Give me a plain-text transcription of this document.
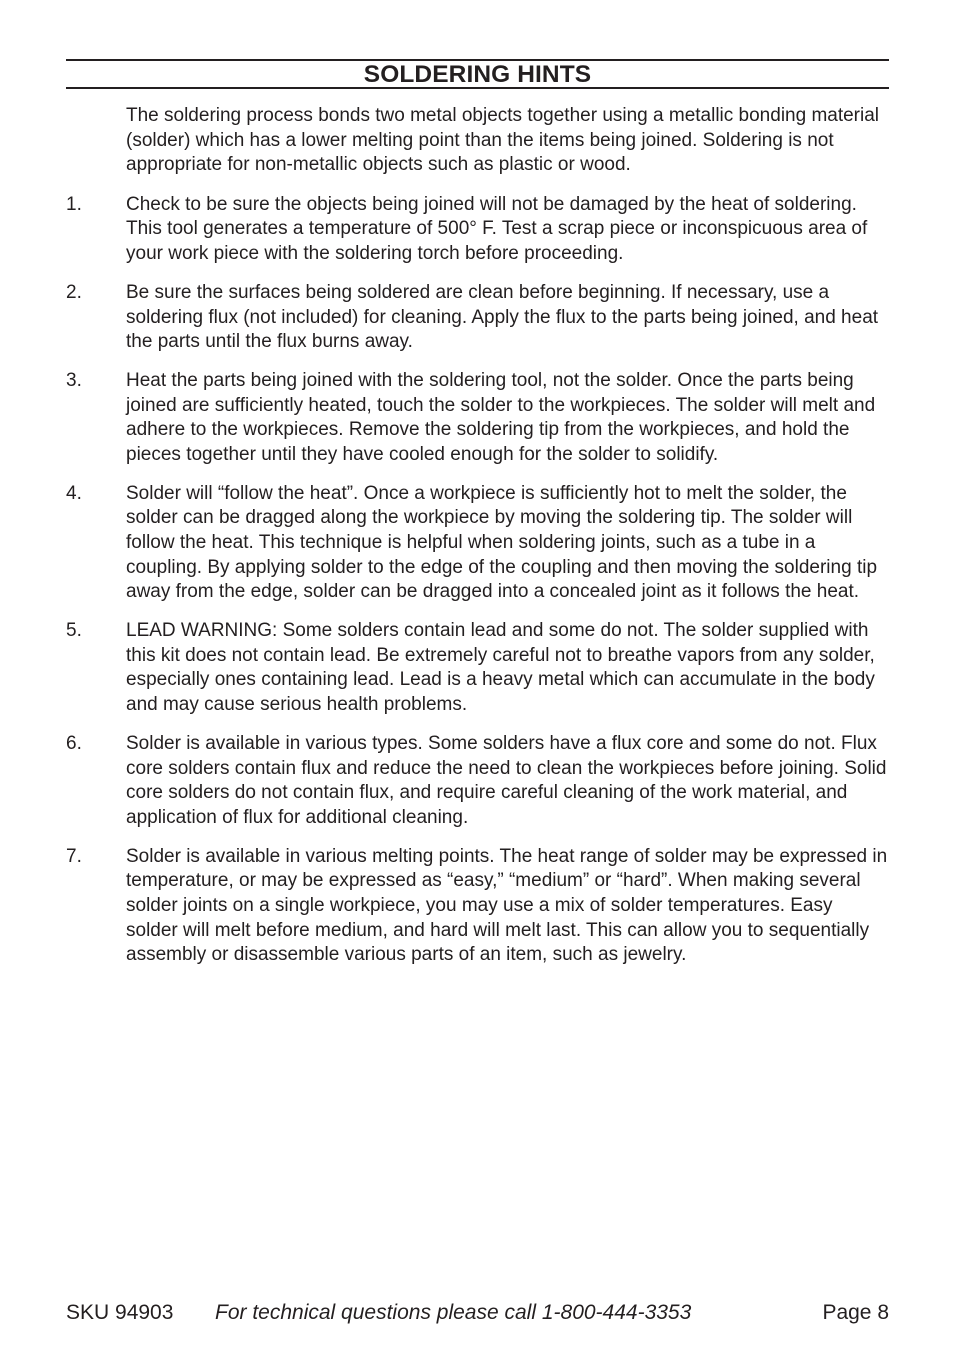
SOLDERING HINTS
The soldering process bonds two metal objects together using a metallic bonding material (solder) which has a lower melting point than the items being joined. Soldering is not appropriate for non-metallic objects such as plastic or wood.
1.	Check to be sure the objects being joined will not be damaged by the heat of soldering. This tool generates a temperature of 500° F. Test a scrap piece or inconspicuous area of your work piece with the soldering torch before proceeding.
2.	Be sure the surfaces being soldered are clean before beginning. If necessary, use a soldering flux (not included) for cleaning. Apply the flux to the parts being joined, and heat the parts until the flux burns away.
3.	Heat the parts being joined with the soldering tool, not the solder. Once the parts being joined are sufficiently heated, touch the solder to the workpieces. The solder will melt and adhere to the workpieces. Remove the soldering tip from the workpieces, and hold the pieces together until they have cooled enough for the solder to solidify.
4.	Solder will “follow the heat”. Once a workpiece is sufficiently hot to melt the solder, the solder can be dragged along the workpiece by moving the soldering tip. The solder will follow the heat. This technique is helpful when soldering joints, such as a tube in a coupling. By applying solder to the edge of the coupling and then moving the soldering tip away from the edge, solder can be dragged into a concealed joint as it follows the heat.
5.	LEAD WARNING: Some solders contain lead and some do not. The solder supplied with this kit does not contain lead. Be extremely careful not to breathe vapors from any solder, especially ones containing lead. Lead is a heavy metal which can accumulate in the body and may cause serious health problems.
6.	Solder is available in various types. Some solders have a flux core and some do not. Flux core solders contain flux and reduce the need to clean the workpieces before joining. Solid core solders do not contain flux, and require careful cleaning of the work material, and application of flux for additional cleaning.
7.	Solder is available in various melting points. The heat range of solder may be expressed in temperature, or may be expressed as “easy,” “medium” or “hard”. When making several solder joints on a single workpiece, you may use a mix of solder temperatures. Easy solder will melt before medium, and hard will melt last. This can allow you to sequentially assembly or disassemble various parts of an item, such as jewelry.
SKU 94903 For technical questions please call 1-800-444-3353	Page 8
